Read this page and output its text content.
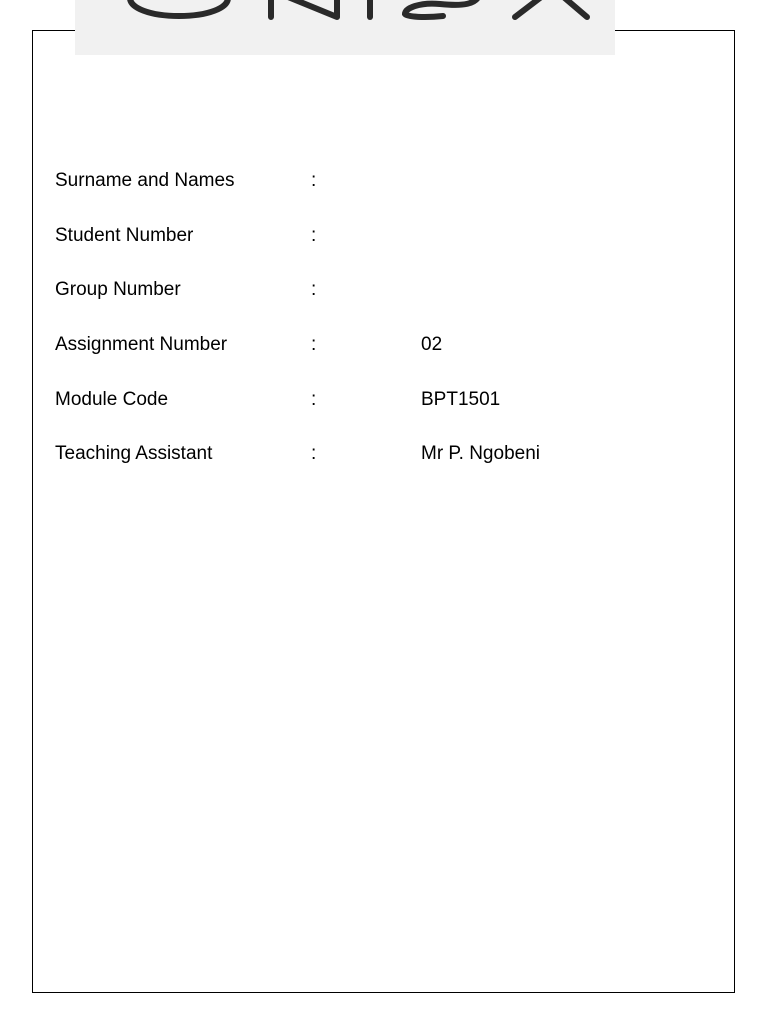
Surname and Names	:
Student Number	:
Group Number	:
Assignment Number	:	02
Module Code	:	BPT1501
Teaching Assistant	:	Mr P. Ngobeni
